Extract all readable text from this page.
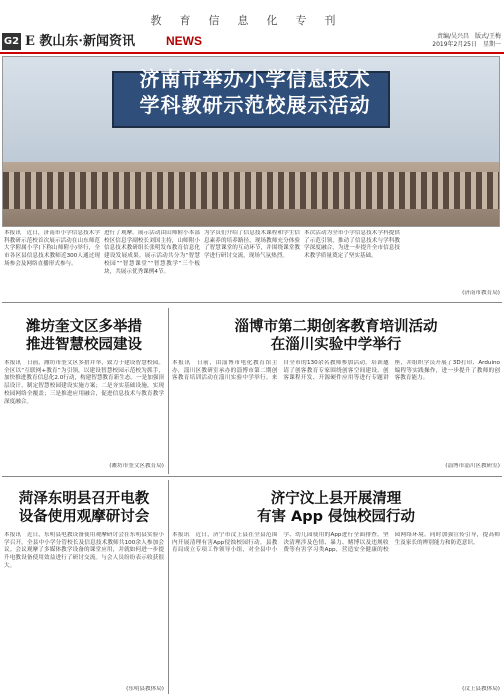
教育信息化专刊
G2 E 教山东·新闻资讯	NEWS	责编/吴兴昌　版式/王梅
2019年2月25日　星期一
济南市举办小学信息技术
学科教研示范校展示活动
本报讯　近日，济南市小学信息技术学科教研示范校首次展示活动在山东师范大学附属小学(下称山师附小)举行，全市各区县信息技术教师近300人通过现场参会及网络直播形式参与。
进行了观摩。展示活动由山师附小本部校区信息学副校长刘国主持，山师附小信息技术教研组长张明发布教育信息化建设发展成果。展示活动共分为“智慧校园”“智慧课堂”“智慧教学”三个板块，共展示优秀课例4节。
为学员们介绍了信息技术课程和学生信息素养的培养路径。现场教师充分体验了智慧课堂的互动环节，并围绕课堂教学进行研讨交流，现场气氛热烈。
本次活动为全市小学信息技术学科提供了示范引领，推动了信息技术与学科教学深度融合，为进一步提升全市信息技术教学质量奠定了坚实基础。
(济南市教育局)
潍坊奎文区多举措
推进智慧校园建设
本报讯　日前，潍坊市奎文区多措并举，致力于建设智慧校园。全区以“互联网+教育”为引领，以建设智慧校园示范校为抓手，加快推进教育信息化2.0行动，构建智慧教育新生态。一是加强顶层设计，制定智慧校园建设实施方案；二是夯实基础设施，实现校园网络全覆盖；三是推进应用融合，促进信息技术与教育教学深度融合。
(潍坊市奎文区教育局)
淄博市第二期创客教育培训活动
在淄川实验中学举行
本报讯　日前，由淄博市电化教育馆主办，淄川区教研室承办的淄博市第二期创客教育培训活动在淄川实验中学举行。来自全市的130余名教师参加活动。培训邀请了创客教育专家围绕创客空间建设、创客课程开发、开源硬件应用等进行专题讲座，并组织学员开展了3D打印、Arduino编程等实践操作，进一步提升了教师的创客教育能力。
(淄博市淄川区教研室)
菏泽东明县召开电教
设备使用观摩研讨会
本报讯　近日，东明县电教设备使用观摩研讨会在东明县实验小学召开。全县中小学分管校长及信息技术教师共100余人参加会议。会议观摩了多媒体教学设备的课堂应用，并就如何进一步提升电教设备使用效益进行了研讨交流。与会人员纷纷表示收获很大。
(东明县教体局)
济宁汶上县开展清理
有害 App 侵蚀校园行动
本报讯　近日，济宁市汶上县在全县范围内开展清理有害App侵蚀校园行动。县教育局成立专项工作领导小组，对全县中小学、幼儿园使用的App进行全面排查，坚决清理涉及色情、暴力、赌博以及违规收费等有害学习类App，营造安全健康的校园网络环境。同时加强宣传引导，提高师生及家长的辨别能力和防范意识。
(汶上县教体局)
